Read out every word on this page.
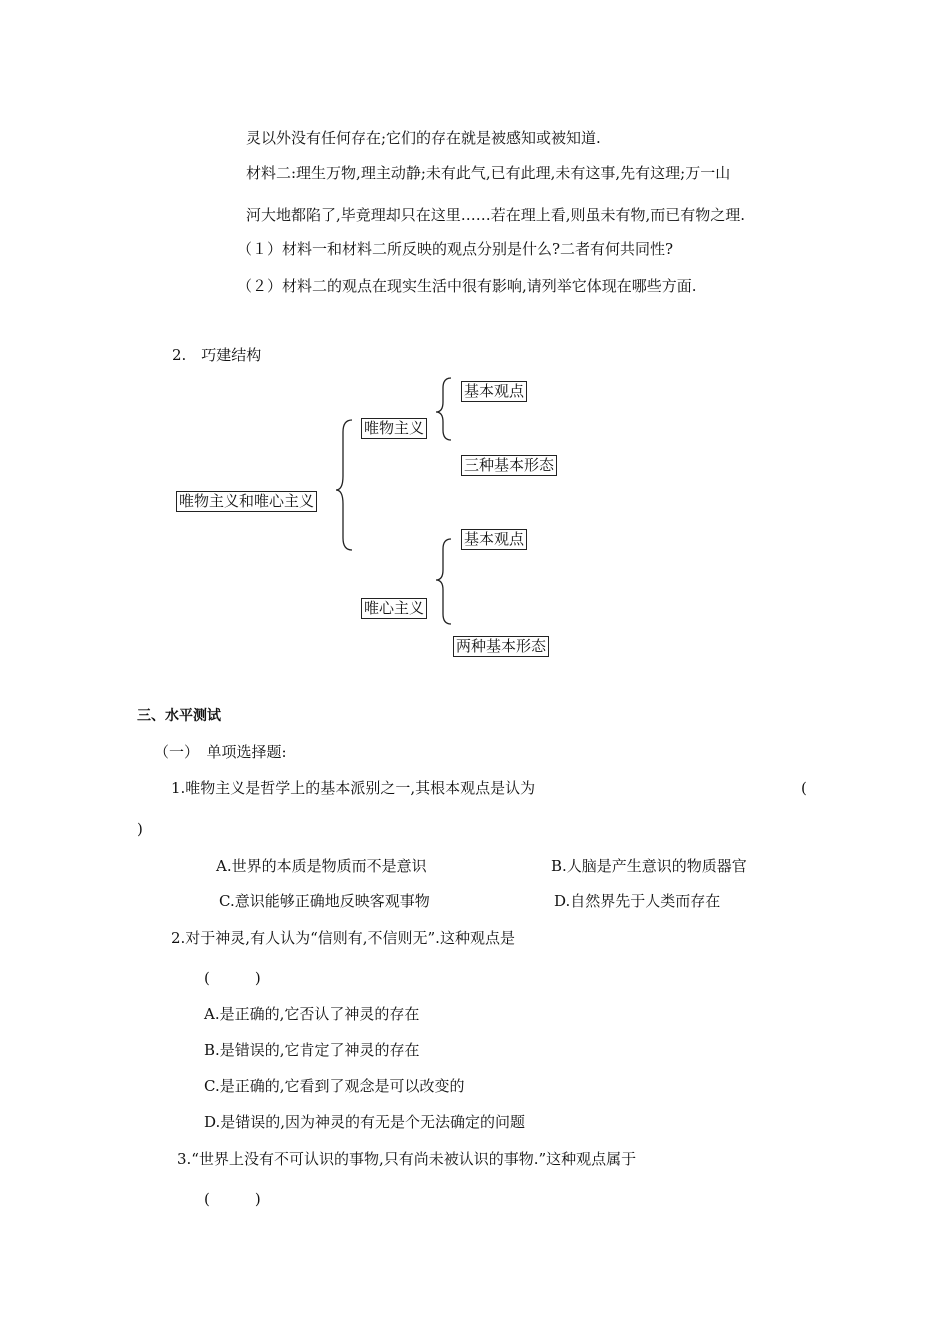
灵以外没有任何存在;它们的存在就是被感知或被知道.
材料二:理生万物,理主动静;未有此气,已有此理,未有这事,先有这理;万一山
河大地都陷了,毕竟理却只在这里……若在理上看,则虽未有物,而已有物之理.
（１）材料一和材料二所反映的观点分别是什么?二者有何共同性?
（２）材料二的观点在现实生活中很有影响,请列举它体现在哪些方面.
2.　巧建结构
唯物主义和唯心主义
唯物主义
基本观点
三种基本形态
唯心主义
基本观点
两种基本形态
三、水平测试
（一）　单项选择题:
1.唯物主义是哲学上的基本派别之一,其根本观点是认为	(
)
A.世界的本质是物质而不是意识	B.人脑是产生意识的物质器官
C.意识能够正确地反映客观事物	D.自然界先于人类而存在
2.对于神灵,有人认为“信则有,不信则无”.这种观点是
(　　　)
A.是正确的,它否认了神灵的存在
B.是错误的,它肯定了神灵的存在
C.是正确的,它看到了观念是可以改变的
D.是错误的,因为神灵的有无是个无法确定的问题
3.“世界上没有不可认识的事物,只有尚未被认识的事物.”这种观点属于
(　　　)
